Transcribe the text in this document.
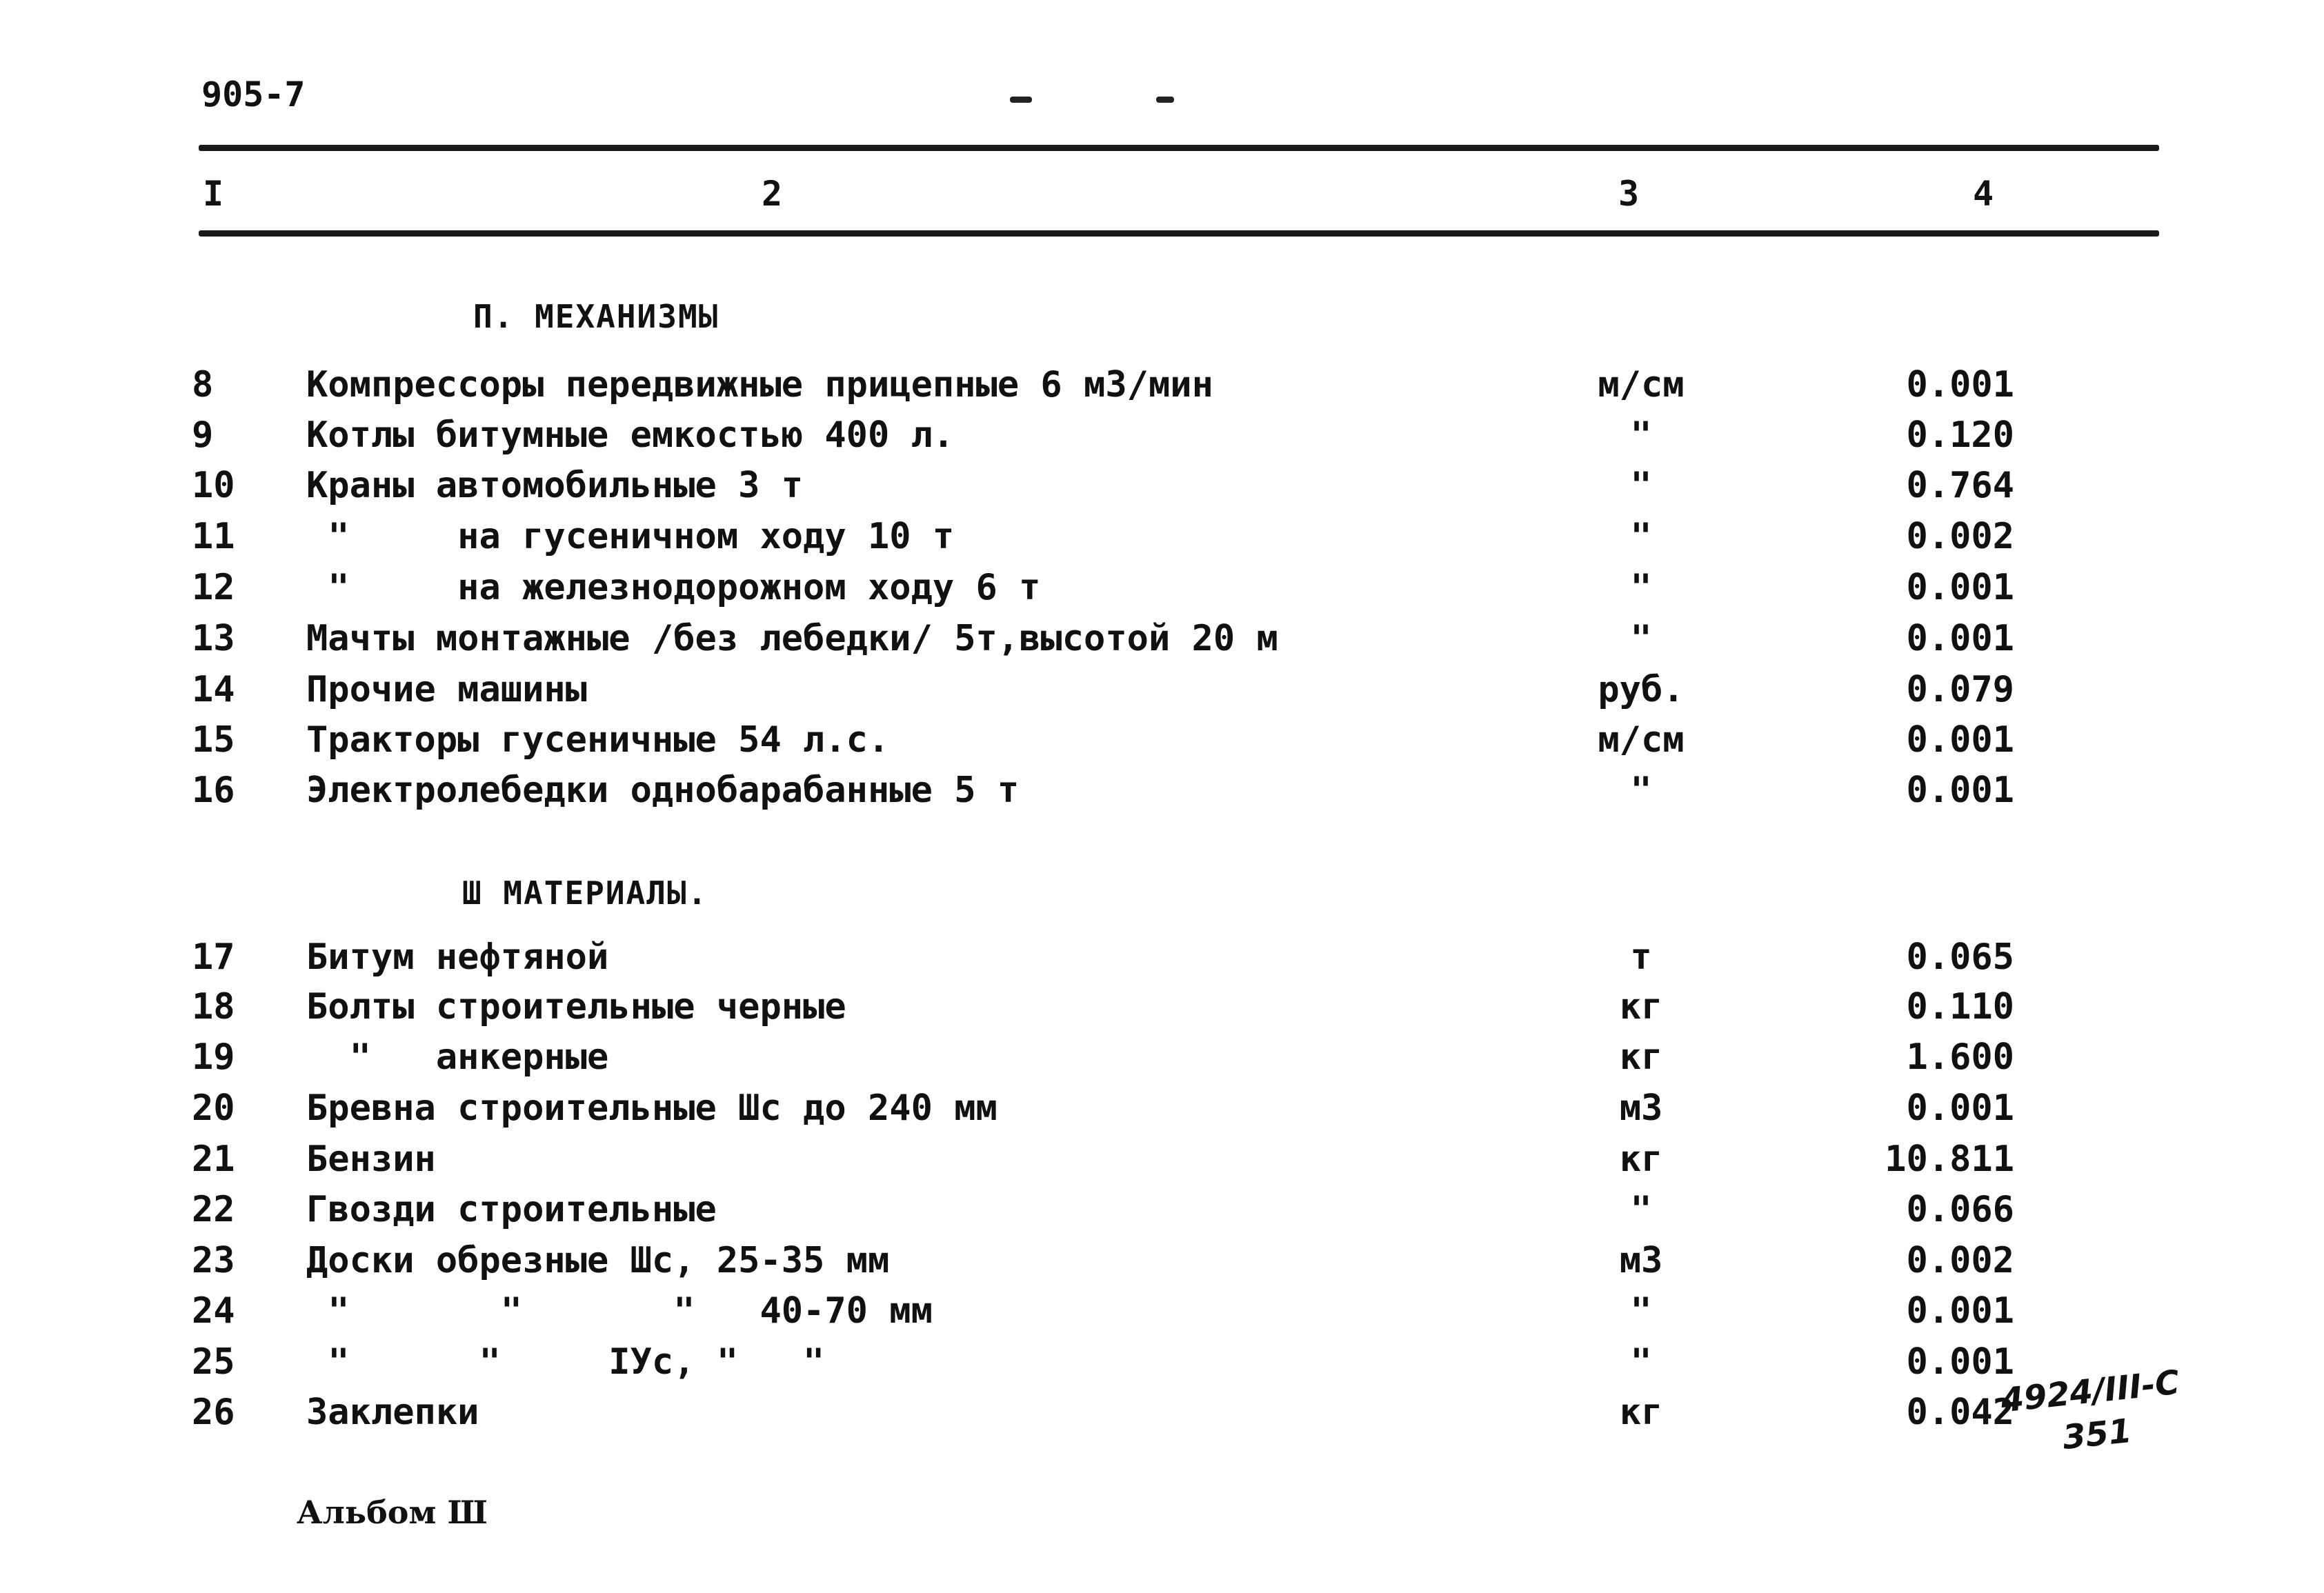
905-7
I	2	3	4
П. МЕХАНИЗМЫ
8	Компрессоры передвижные прицепные 6 м3/мин	м/см	0.001
9	Котлы битумные емкостью 400 л.	"	0.120
10 Краны автомобильные 3 т	"	0.764
11 "     на гусеничном ходу 10 т	"	0.002
12 "     на железнодорожном ходу 6 т	"	0.001
13 Мачты монтажные /без лебедки/ 5т,высотой 20 м	"	0.001
14 Прочие машины	руб.	0.079
15 Тракторы гусеничные 54 л.с.	м/см	0.001
16 Электролебедки однобарабанные 5 т	"	0.001
Ш МАТЕРИАЛЫ.
17 Битум нефтяной	т	0.065
18 Болты строительные черные	кг	0.110
19 "   анкерные	кг	1.600
20 Бревна строительные Шс до 240 мм	м3	0.001
21 Бензин	кг	10.811
22 Гвозди строительные	"	0.066
23 Доски обрезные Шс, 25-35 мм	м3	0.002
24 "       "       "   40-70 мм	"	0.001
25 "      "     IУс, "   "	"	0.001
26 Заклепки	кг	0.042
4924/III-C
351
Альбом Ш
